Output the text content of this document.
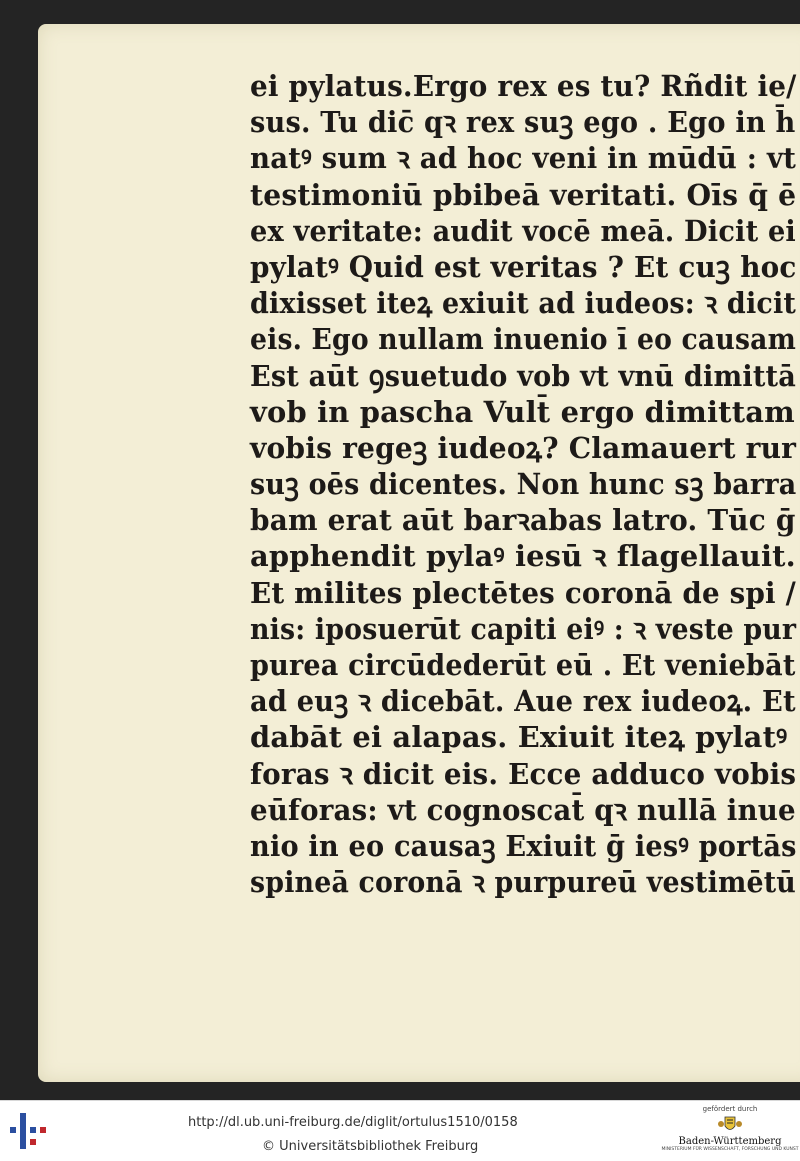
ei pylatus.Ergo rex es tu? Rñdit ie/
sus. Tu dic̄ qꝛ rex suꝫ ego . Ego in h̄
natꝰ sum ꝛ ad hoc veni in mūdū : vt
testimoniū pbibeā veritati. Oīs q̄ ē
ex veritate: audit vocē meā. Dicit ei
pylatꝰ Quid est veritas ? Et cuꝫ hoc
dixisset iteꝝ exiuit ad iudeos: ꝛ dicit
eis. Ego nullam inuenio ī eo causam
Est aūt ꝯsuetudo vob vt vnū dimittā
vob in pascha Vult̄ ergo dimittam
vobis regeꝫ iudeoꝝ? Clamauert rur
suꝫ oēs dicentes. Non hunc sꝫ barra
bam erat aūt barꝛabas latro. Tūc ḡ
apphendit pylaꝰ iesū ꝛ flagellauit.
Et milites plectētes coronā de spi /
nis: iposuerūt capiti eiꝰ : ꝛ veste pur
purea circūdederūt eū . Et veniebāt
ad euꝫ ꝛ dicebāt. Aue rex iudeoꝝ. Et
dabāt ei alapas. Exiuit iteꝝ pylatꝰ
foras ꝛ dicit eis. Ecce adduco vobis
eūforas: vt cognoscat̄ qꝛ nullā inue
nio in eo causaꝫ Exiuit ḡ iesꝰ portās
spineā coronā ꝛ purpureū vestimētū
http://dl.ub.uni-freiburg.de/diglit/ortulus1510/0158
© Universitätsbibliothek Freiburg
gefördert durch
Baden-Württemberg
MINISTERIUM FÜR WISSENSCHAFT, FORSCHUNG UND KUNST
